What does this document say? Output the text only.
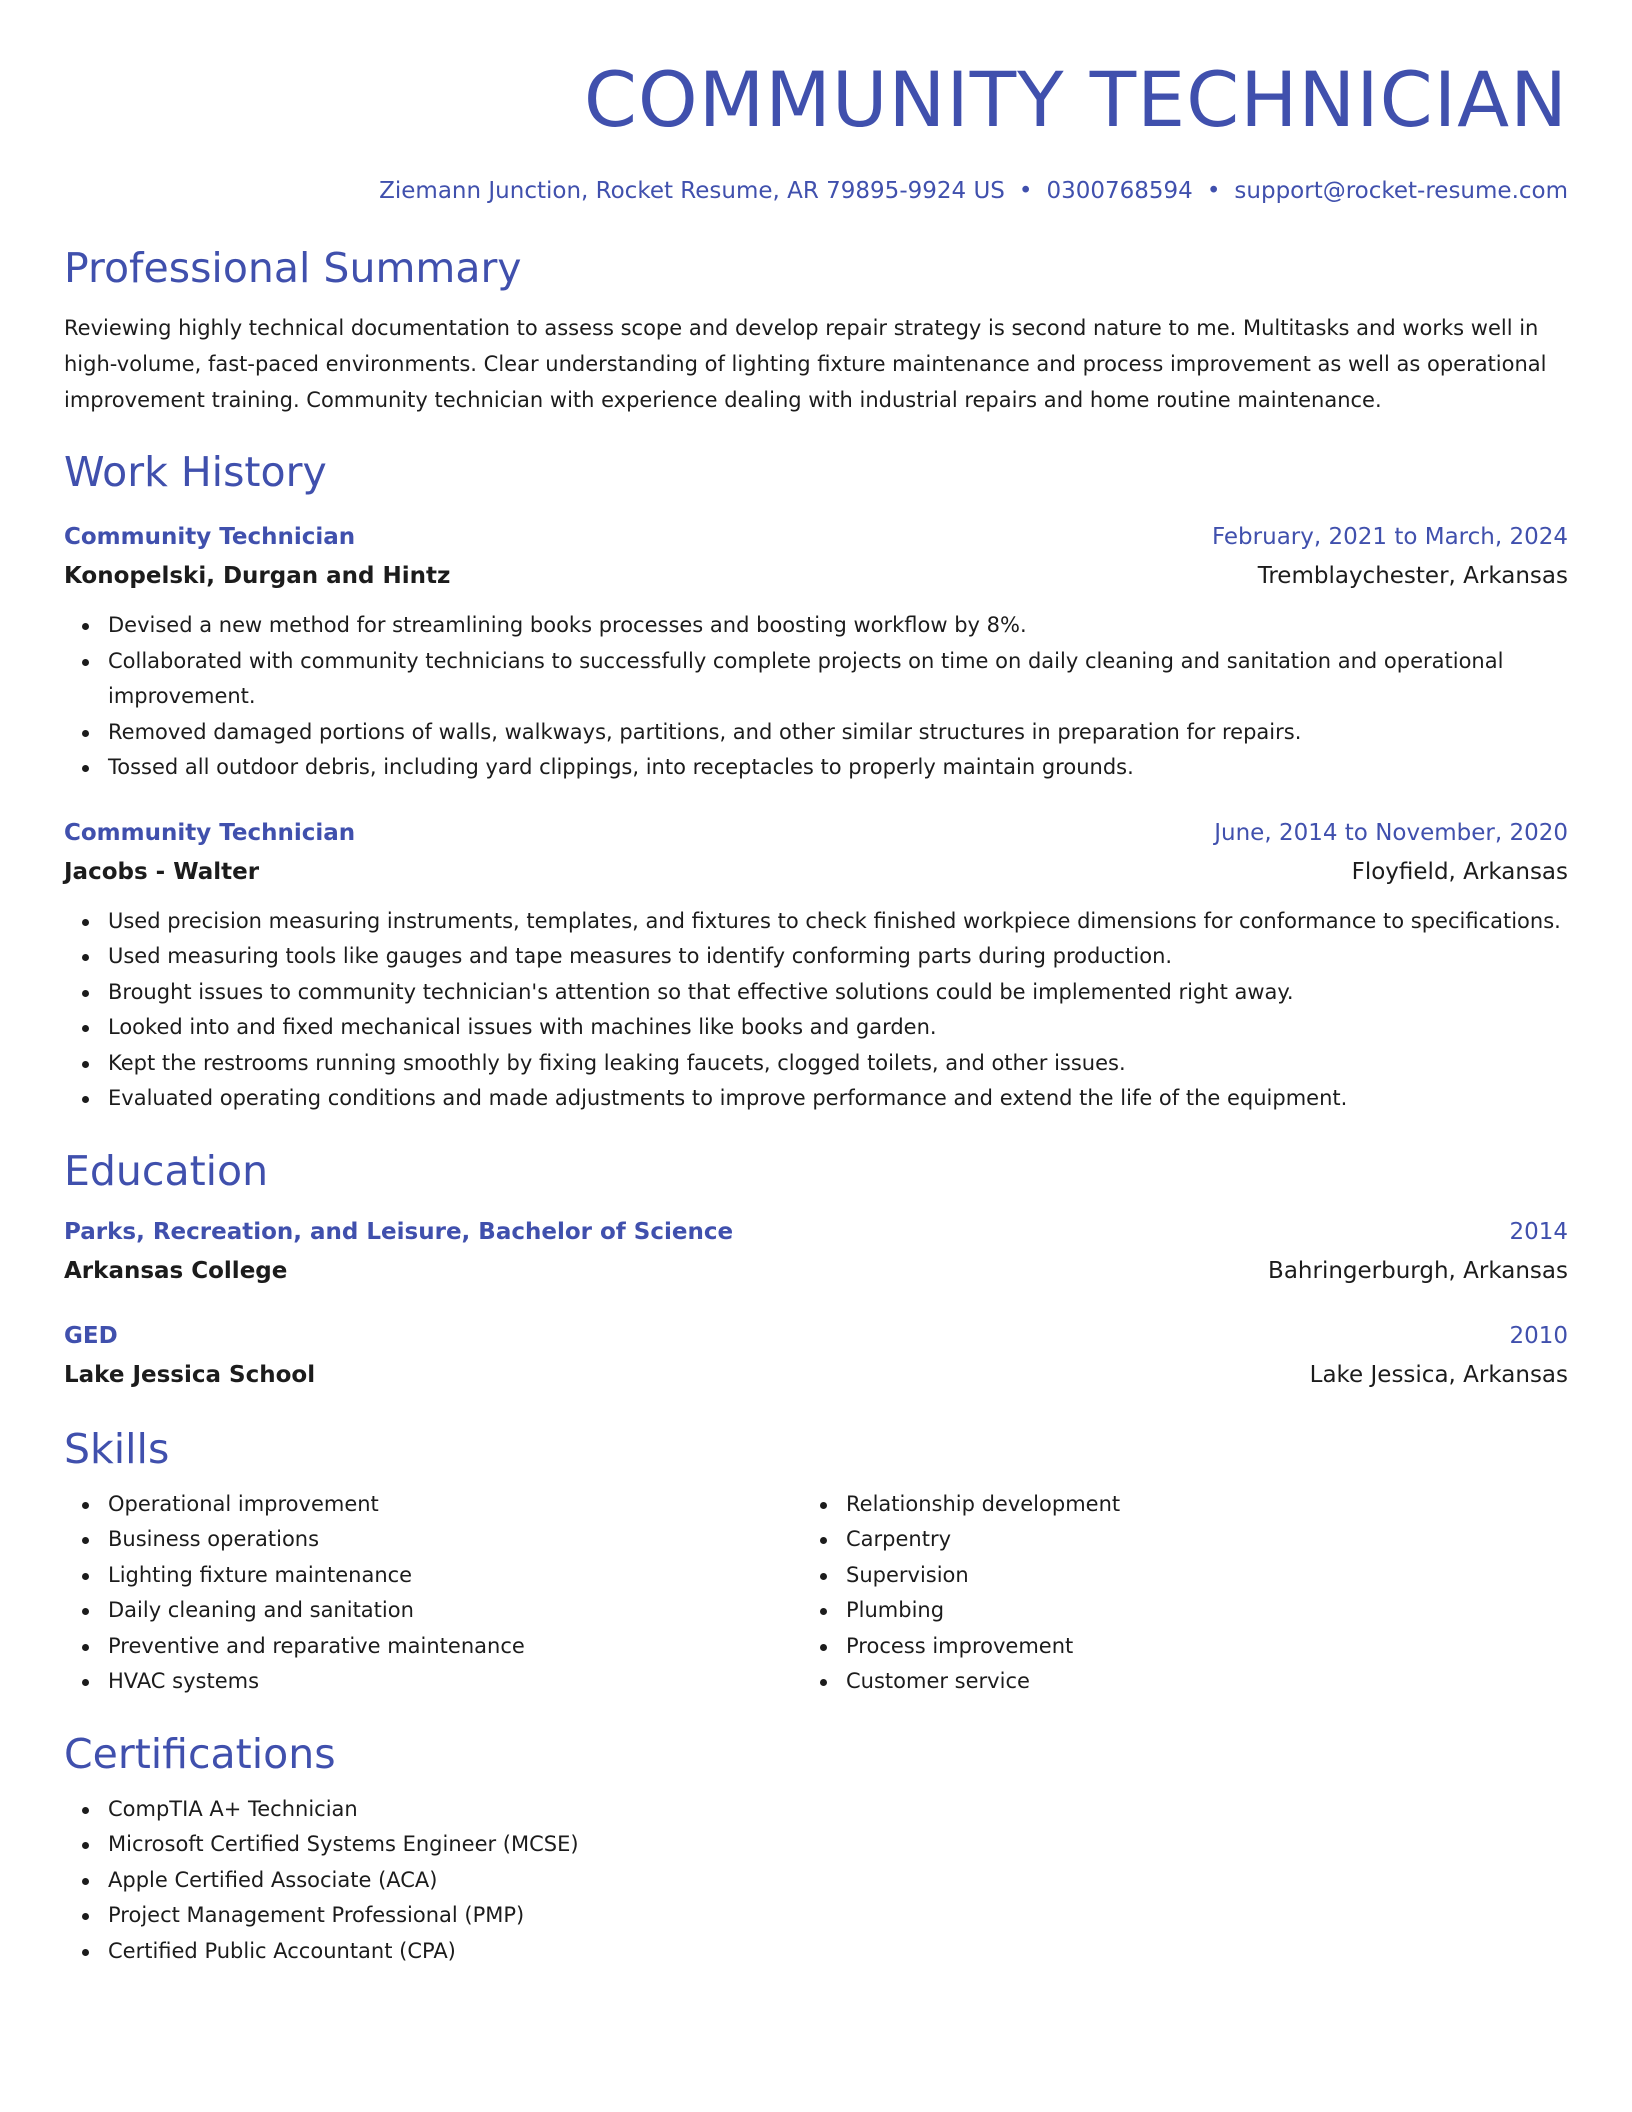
COMMUNITY TECHNICIAN
Ziemann Junction, Rocket Resume, AR 79895-9924 US • 0300768594 • support@rocket-resume.com
Professional Summary

Reviewing highly technical documentation to assess scope and develop repair strategy is second nature to me. Multitasks and works well in high-volume, fast-paced environments. Clear understanding of lighting fixture maintenance and process improvement as well as operational improvement training. Community technician with experience dealing with industrial repairs and home routine maintenance.

Work History
Community Technician	February, 2021 to March, 2024
Konopelski, Durgan and Hintz	Tremblaychester, Arkansas
Devised a new method for streamlining books processes and boosting workflow by 8%.
Collaborated with community technicians to successfully complete projects on time on daily cleaning and sanitation and operational improvement.
Removed damaged portions of walls, walkways, partitions, and other similar structures in preparation for repairs.
Tossed all outdoor debris, including yard clippings, into receptacles to properly maintain grounds.
Community Technician	June, 2014 to November, 2020
Jacobs - Walter	Floyfield, Arkansas
Used precision measuring instruments, templates, and fixtures to check finished workpiece dimensions for conformance to specifications.
Used measuring tools like gauges and tape measures to identify conforming parts during production.
Brought issues to community technician's attention so that effective solutions could be implemented right away.
Looked into and fixed mechanical issues with machines like books and garden.
Kept the restrooms running smoothly by fixing leaking faucets, clogged toilets, and other issues.
Evaluated operating conditions and made adjustments to improve performance and extend the life of the equipment.
Education
Parks, Recreation, and Leisure, Bachelor of Science	2014
Arkansas College	Bahringerburgh, Arkansas
GED	2010
Lake Jessica School	Lake Jessica, Arkansas
Skills
Operational improvement
Business operations
Lighting fixture maintenance
Daily cleaning and sanitation
Preventive and reparative maintenance
HVAC systems
Relationship development
Carpentry
Supervision
Plumbing
Process improvement
Customer service
Certifications
CompTIA A+ Technician
Microsoft Certified Systems Engineer (MCSE)
Apple Certified Associate (ACA)
Project Management Professional (PMP)
Certified Public Accountant (CPA)
